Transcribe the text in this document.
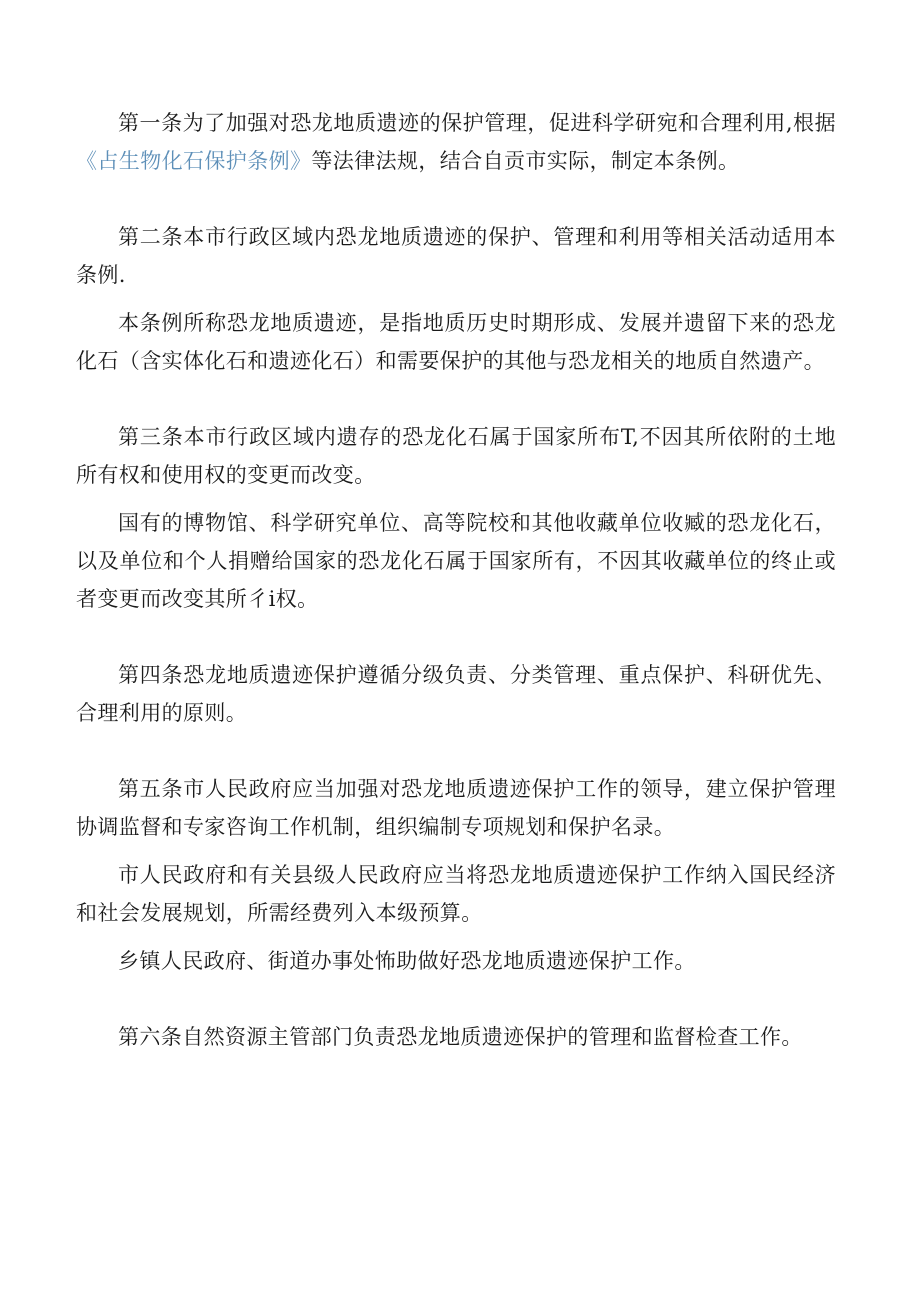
第一条为了加强对恐龙地质遗迹的保护管理，促进科学研宛和合理利用,根据《占生物化石保护条例》等法律法规，结合自贡市实际，制定本条例。

第二条本市行政区域内恐龙地质遗迹的保护、管理和利用等相关活动适用本条例.

本条例所称恐龙地质遗迹，是指地质历史时期形成、发展并遗留下来的恐龙化石（含实体化石和遗迹化石）和需要保护的其他与恐龙相关的地质自然遗产。

第三条本市行政区域内遗存的恐龙化石属于国家所布T,不因其所依附的土地所有权和使用权的变更而改变。

国有的博物馆、科学研究单位、高等院校和其他收藏单位收臧的恐龙化石，以及单位和个人捐赠给国家的恐龙化石属于国家所有，不因其收藏单位的终止或者变更而改变其所彳i权。

第四条恐龙地质遗迹保护遵循分级负责、分类管理、重点保护、科研优先、合理利用的原则。

第五条市人民政府应当加强对恐龙地质遗迹保护工作的领导，建立保护管理协调监督和专家咨询工作机制，组织编制专项规划和保护名录。

市人民政府和有关县级人民政府应当将恐龙地质遗迹保护工作纳入国民经济和社会发展规划，所需经费列入本级预算。

乡镇人民政府、街道办事处怖助做好恐龙地质遗迹保护工作。

第六条自然资源主管部门负责恐龙地质遗迹保护的管理和监督检查工作。
